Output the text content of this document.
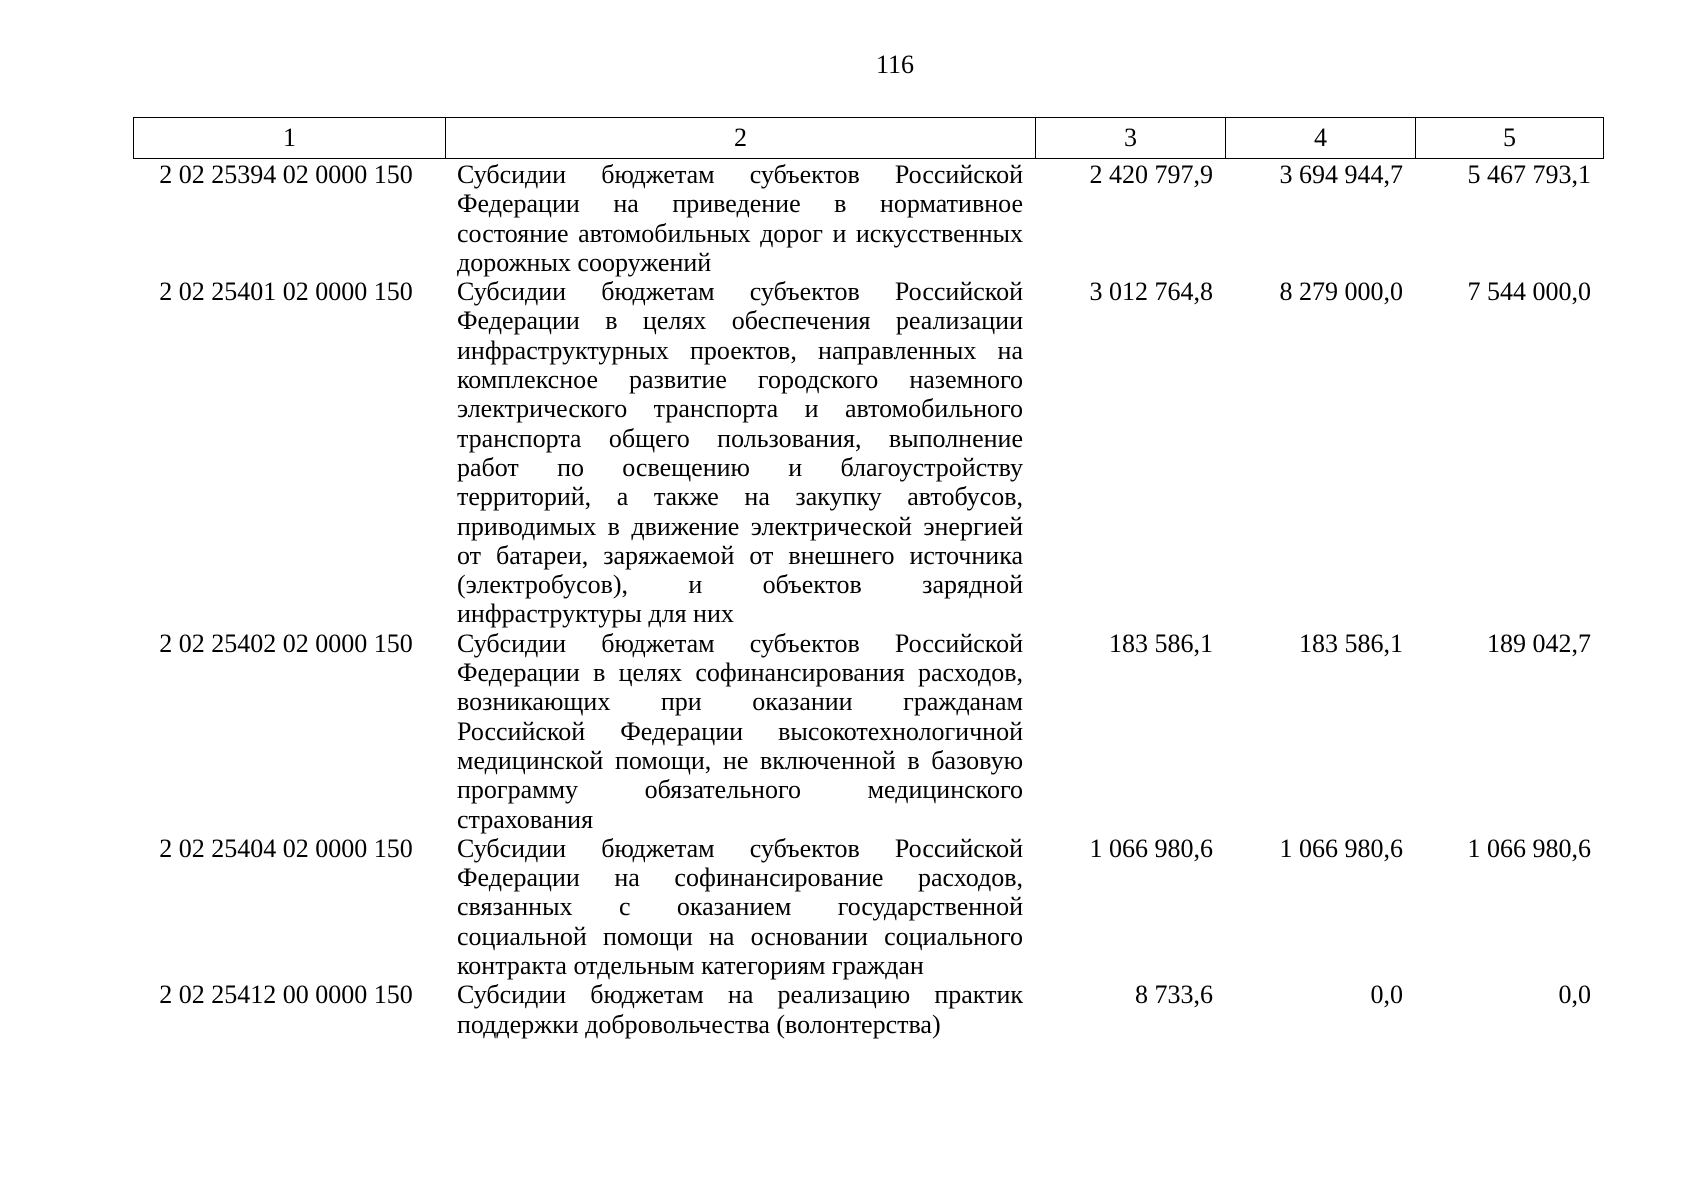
116
1	2	3	4	5
2 02 25394 02 0000 150	Субсидии бюджетам субъектов Российской Федерации на приведение в нормативное состояние автомобильных дорог и искусственных дорожных сооружений	2 420 797,9	3 694 944,7	5 467 793,1
2 02 25401 02 0000 150	Субсидии бюджетам субъектов Российской Федерации в целях обеспечения реализации инфраструктурных проектов, направленных на комплексное развитие городского наземного электрического транспорта и автомобильного транспорта общего пользования, выполнение работ по освещению и благоустройству территорий, а также на закупку автобусов, приводимых в движение электрической энергией от батареи, заряжаемой от внешнего источника (электробусов), и объектов зарядной инфраструктуры для них	3 012 764,8	8 279 000,0	7 544 000,0
2 02 25402 02 0000 150	Субсидии бюджетам субъектов Российской Федерации в целях софинансирования расходов, возникающих при оказании гражданам Российской Федерации высокотехнологичной медицинской помощи, не включенной в базовую программу обязательного медицинского страхования	183 586,1	183 586,1	189 042,7
2 02 25404 02 0000 150	Субсидии бюджетам субъектов Российской Федерации на софинансирование расходов, связанных с оказанием государственной социальной помощи на основании социального контракта отдельным категориям граждан	1 066 980,6	1 066 980,6	1 066 980,6
2 02 25412 00 0000 150	Субсидии бюджетам на реализацию практик поддержки добровольчества (волонтерства)	8 733,6	0,0	0,0
